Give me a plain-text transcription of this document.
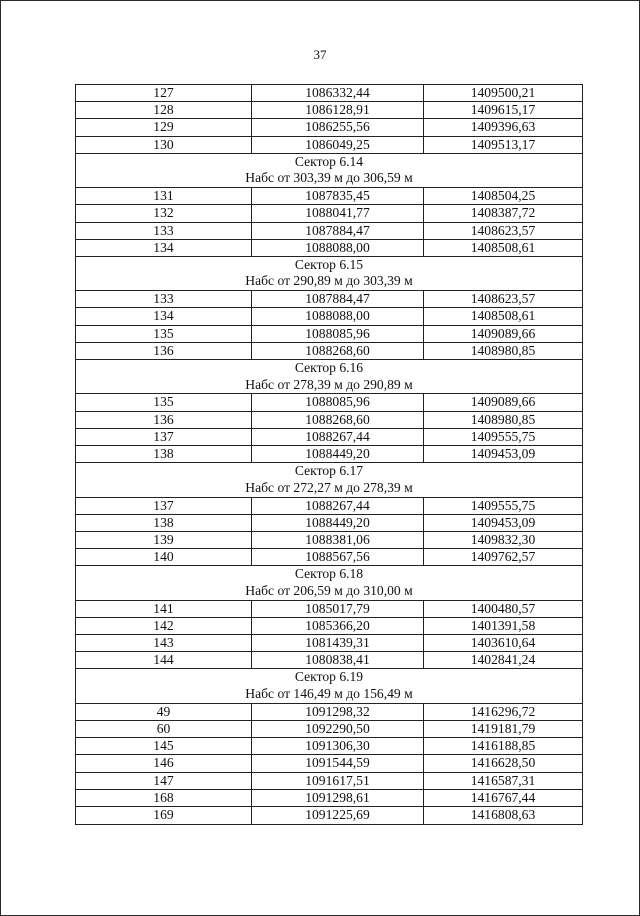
37
127	1086332,44	1409500,21
128	1086128,91	1409615,17
129	1086255,56	1409396,63
130	1086049,25	1409513,17
Сектор 6.14
Набс от 303,39 м до 306,59 м
131	1087835,45	1408504,25
132	1088041,77	1408387,72
133	1087884,47	1408623,57
134	1088088,00	1408508,61
Сектор 6.15
Набс от 290,89 м до 303,39 м
133	1087884,47	1408623,57
134	1088088,00	1408508,61
135	1088085,96	1409089,66
136	1088268,60	1408980,85
Сектор 6.16
Набс от 278,39 м до 290,89 м
135	1088085,96	1409089,66
136	1088268,60	1408980,85
137	1088267,44	1409555,75
138	1088449,20	1409453,09
Сектор 6.17
Набс от 272,27 м до 278,39 м
137	1088267,44	1409555,75
138	1088449,20	1409453,09
139	1088381,06	1409832,30
140	1088567,56	1409762,57
Сектор 6.18
Набс от 206,59 м до 310,00 м
141	1085017,79	1400480,57
142	1085366,20	1401391,58
143	1081439,31	1403610,64
144	1080838,41	1402841,24
Сектор 6.19
Набс от 146,49 м до 156,49 м
49	1091298,32	1416296,72
60	1092290,50	1419181,79
145	1091306,30	1416188,85
146	1091544,59	1416628,50
147	1091617,51	1416587,31
168	1091298,61	1416767,44
169	1091225,69	1416808,63
